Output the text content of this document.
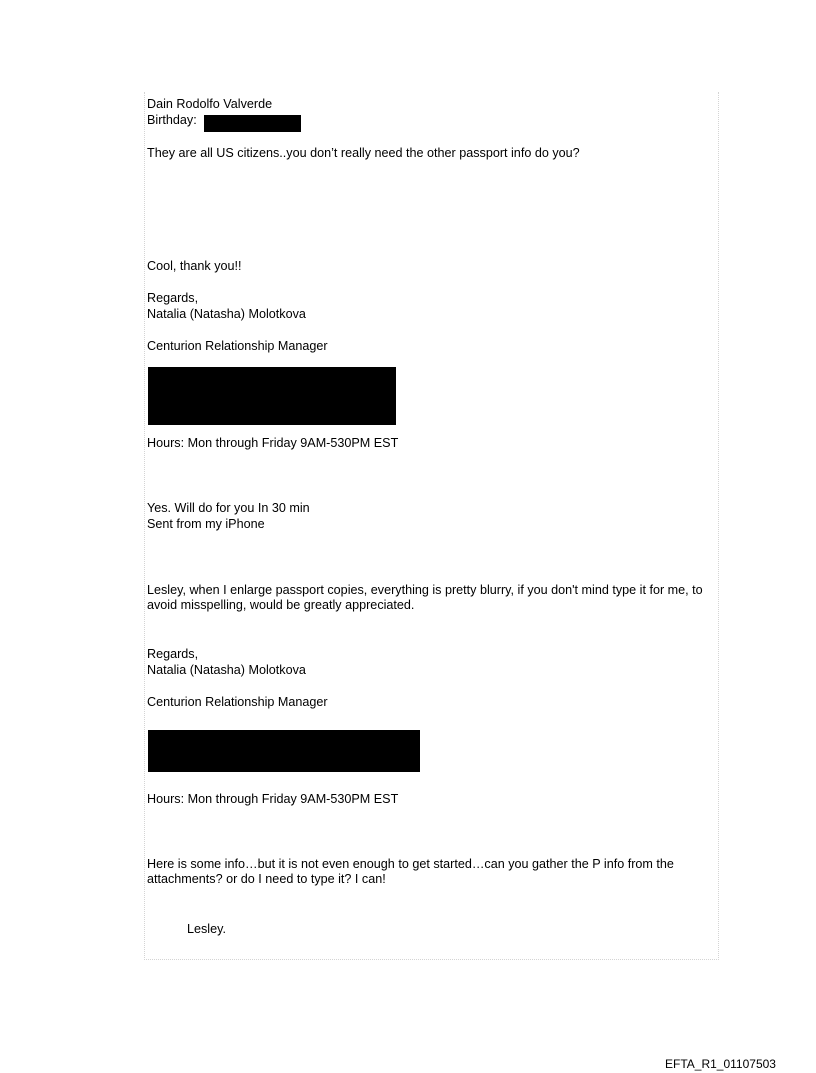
Dain Rodolfo Valverde
Birthday:
They are all US citizens..you don’t really need the other passport info do you?
Cool, thank you!!
Regards,
Natalia (Natasha) Molotkova
Centurion Relationship Manager
Hours: Mon through Friday 9AM-530PM EST
Yes. Will do for you In 30 min
Sent from my iPhone
Lesley, when I enlarge passport copies, everything is pretty blurry, if you don't mind type it for me, to avoid misspelling, would be greatly appreciated.
Regards,
Natalia (Natasha) Molotkova
Centurion Relationship Manager
Hours: Mon through Friday 9AM-530PM EST
Here is some info…but it is not even enough to get started…can you gather the P info from the attachments? or do I need to type it? I can!
Lesley.
EFTA_R1_01107503
